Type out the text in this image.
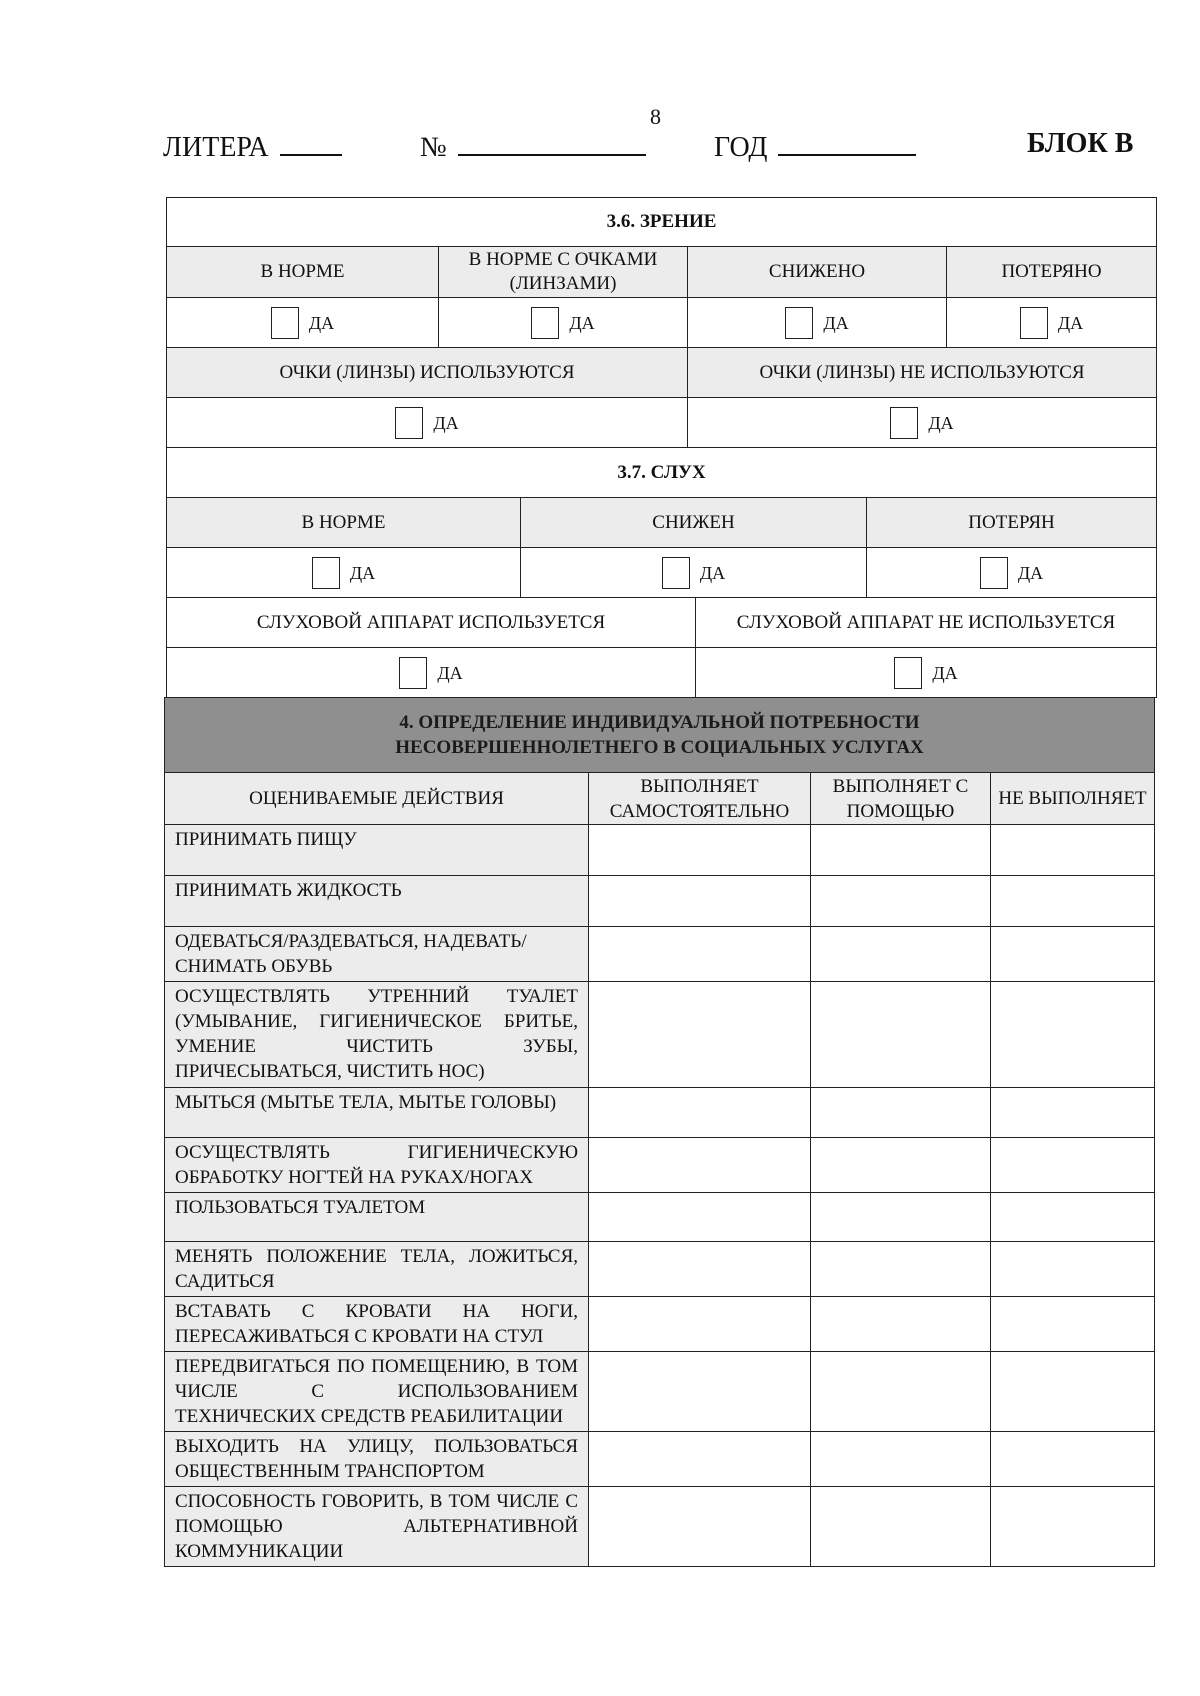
8
ЛИТЕРА	№	ГОД	БЛОК В
3.6. ЗРЕНИЕ			
В НОРМЕ	В НОРМЕ С ОЧКАМИ (ЛИНЗАМИ)	СНИЖЕНО	ПОТЕРЯНО
ДА	ДА	ДА	ДА
ОЧКИ (ЛИНЗЫ) ИСПОЛЬЗУЮТСЯ		ОЧКИ (ЛИНЗЫ) НЕ ИСПОЛЬЗУЮТСЯ	
ДА		ДА	
3.7. СЛУХ			
В НОРМЕ	СНИЖЕН		ПОТЕРЯН
ДА	ДА		ДА
СЛУХОВОЙ АППАРАТ ИСПОЛЬЗУЕТСЯ		СЛУХОВОЙ АППАРАТ НЕ ИСПОЛЬЗУЕТСЯ	
ДА		ДА	
4. ОПРЕДЕЛЕНИЕ ИНДИВИДУАЛЬНОЙ ПОТРЕБНОСТИ
НЕСОВЕРШЕННОЛЕТНЕГО В СОЦИАЛЬНЫХ УСЛУГАХ			

ОЦЕНИВАЕМЫЕ ДЕЙСТВИЯ	ВЫПОЛНЯЕТ САМОСТОЯТЕЛЬНО	ВЫПОЛНЯЕТ С ПОМОЩЬЮ	НЕ ВЫПОЛНЯЕТ
ПРИНИМАТЬ ПИЩУ			
ПРИНИМАТЬ ЖИДКОСТЬ			
ОДЕВАТЬСЯ/РАЗДЕВАТЬСЯ, НАДЕВАТЬ/СНИМАТЬ ОБУВЬ			
ОСУЩЕСТВЛЯТЬ УТРЕННИЙ ТУАЛЕТ (УМЫВАНИЕ, ГИГИЕНИЧЕСКОЕ БРИТЬЕ, УМЕНИЕ ЧИСТИТЬ ЗУБЫ, ПРИЧЕСЫВАТЬСЯ, ЧИСТИТЬ НОС)			
МЫТЬСЯ (МЫТЬЕ ТЕЛА, МЫТЬЕ ГОЛОВЫ)			
ОСУЩЕСТВЛЯТЬ ГИГИЕНИЧЕСКУЮ ОБРАБОТКУ НОГТЕЙ НА РУКАХ/НОГАХ			
ПОЛЬЗОВАТЬСЯ ТУАЛЕТОМ			
МЕНЯТЬ ПОЛОЖЕНИЕ ТЕЛА, ЛОЖИТЬСЯ, САДИТЬСЯ			
ВСТАВАТЬ С КРОВАТИ НА НОГИ, ПЕРЕСАЖИВАТЬСЯ С КРОВАТИ НА СТУЛ			
ПЕРЕДВИГАТЬСЯ ПО ПОМЕЩЕНИЮ, В ТОМ ЧИСЛЕ С ИСПОЛЬЗОВАНИЕМ ТЕХНИЧЕСКИХ СРЕДСТВ РЕАБИЛИТАЦИИ			
ВЫХОДИТЬ НА УЛИЦУ, ПОЛЬЗОВАТЬСЯ ОБЩЕСТВЕННЫМ ТРАНСПОРТОМ			
СПОСОБНОСТЬ ГОВОРИТЬ, В ТОМ ЧИСЛЕ С ПОМОЩЬЮ АЛЬТЕРНАТИВНОЙ КОММУНИКАЦИИ			
